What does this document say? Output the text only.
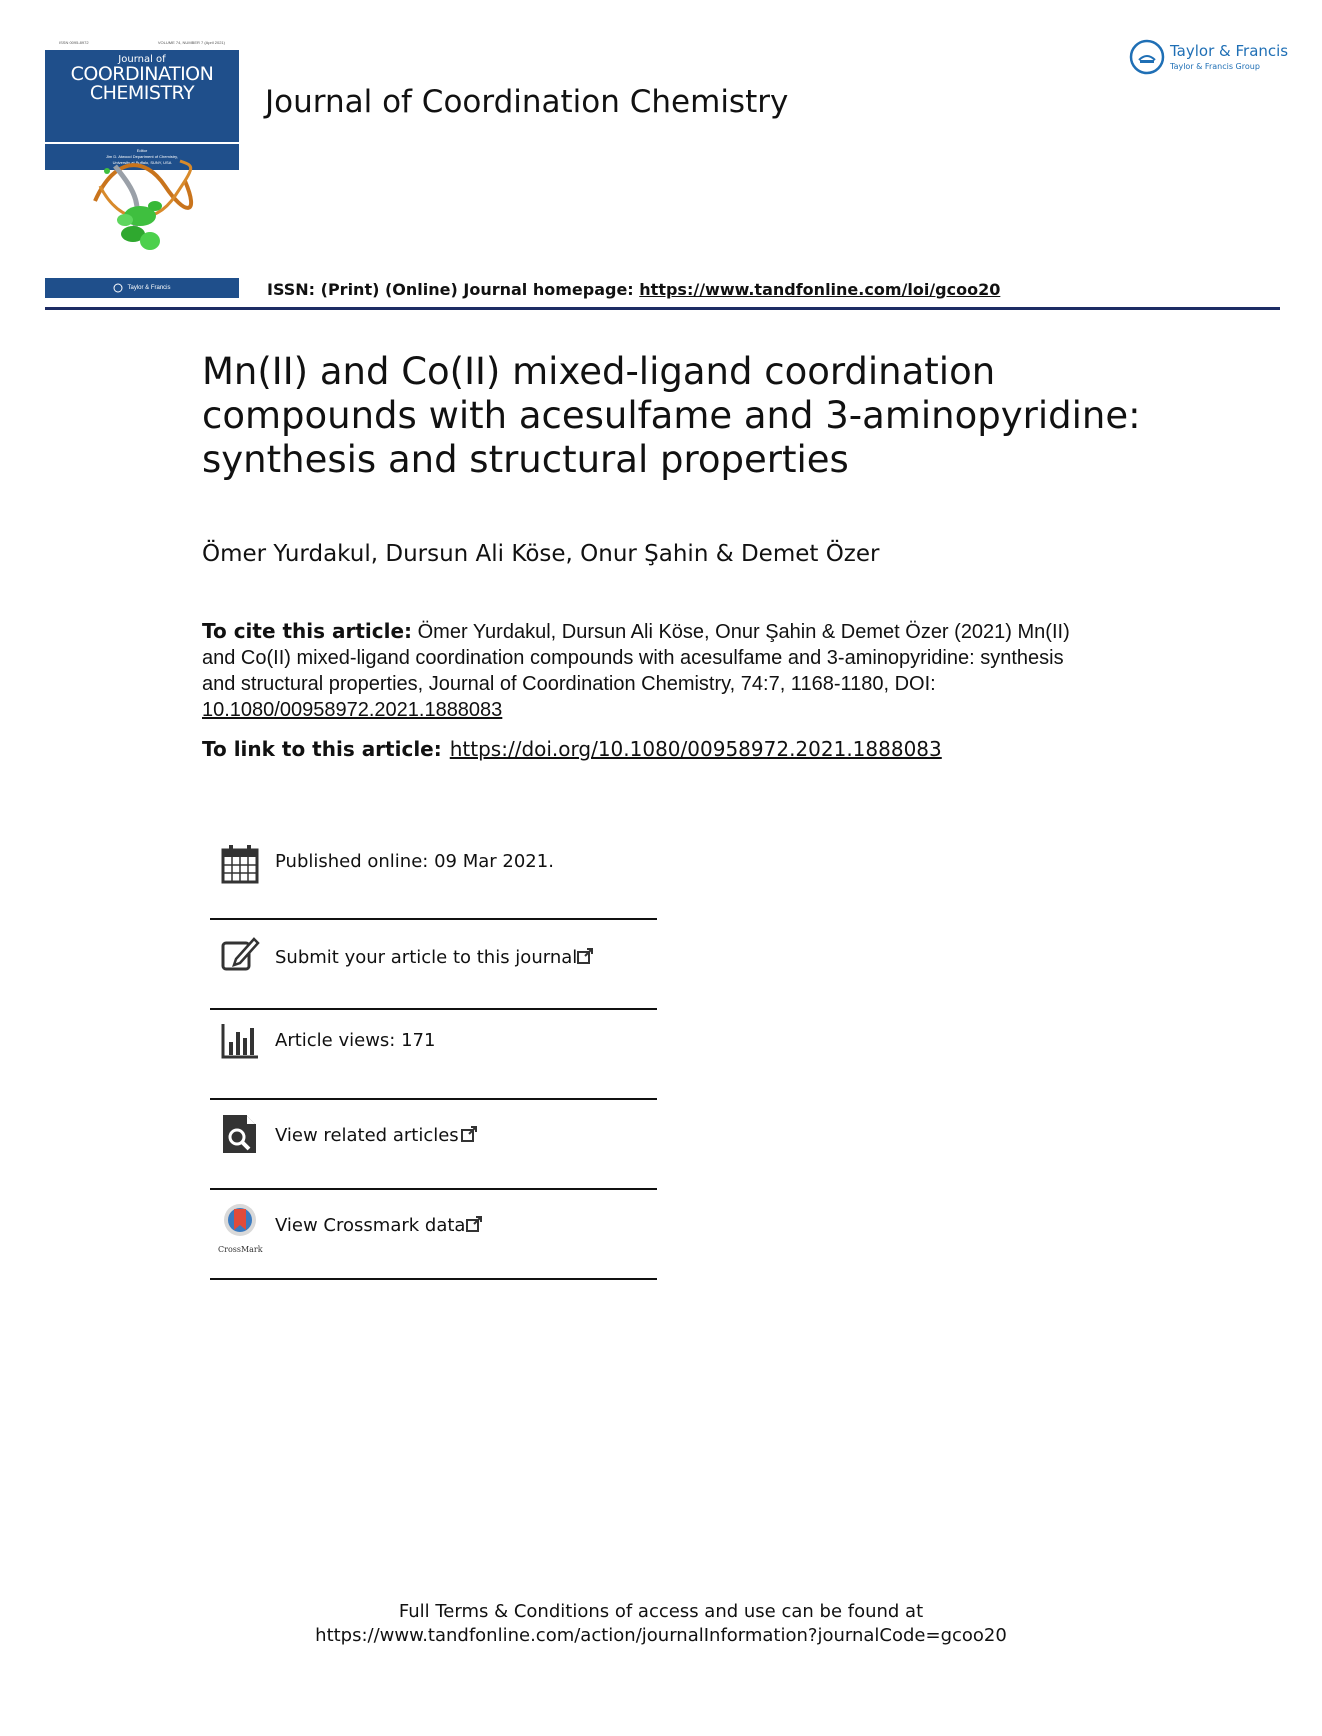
ISSN 0095-8972	VOLUME 74, NUMBER 7 (April 2021)
Journal of
COORDINATION
CHEMISTRY
Editor
Jim D. Atwood Department of Chemistry,
University at Buffalo, SUNY, USA
Taylor & Francis
Journal of Coordination Chemistry
ISSN: (Print) (Online) Journal homepage: https://www.tandfonline.com/loi/gcoo20
Taylor & Francis
Taylor & Francis Group
Mn(II) and Co(II) mixed-ligand coordination compounds with acesulfame and 3-aminopyridine: synthesis and structural properties
Ömer Yurdakul, Dursun Ali Köse, Onur Şahin & Demet Özer
To cite this article: Ömer Yurdakul, Dursun Ali Köse, Onur Şahin & Demet Özer (2021) Mn(II) and Co(II) mixed-ligand coordination compounds with acesulfame and 3-aminopyridine: synthesis and structural properties, Journal of Coordination Chemistry, 74:7, 1168-1180, DOI: 10.1080/00958972.2021.1888083
To link to this article: https://doi.org/10.1080/00958972.2021.1888083
Published online: 09 Mar 2021.
Submit your article to this journal
Article views: 171
View related articles
CrossMark
View Crossmark data
Full Terms & Conditions of access and use can be found at
https://www.tandfonline.com/action/journalInformation?journalCode=gcoo20
